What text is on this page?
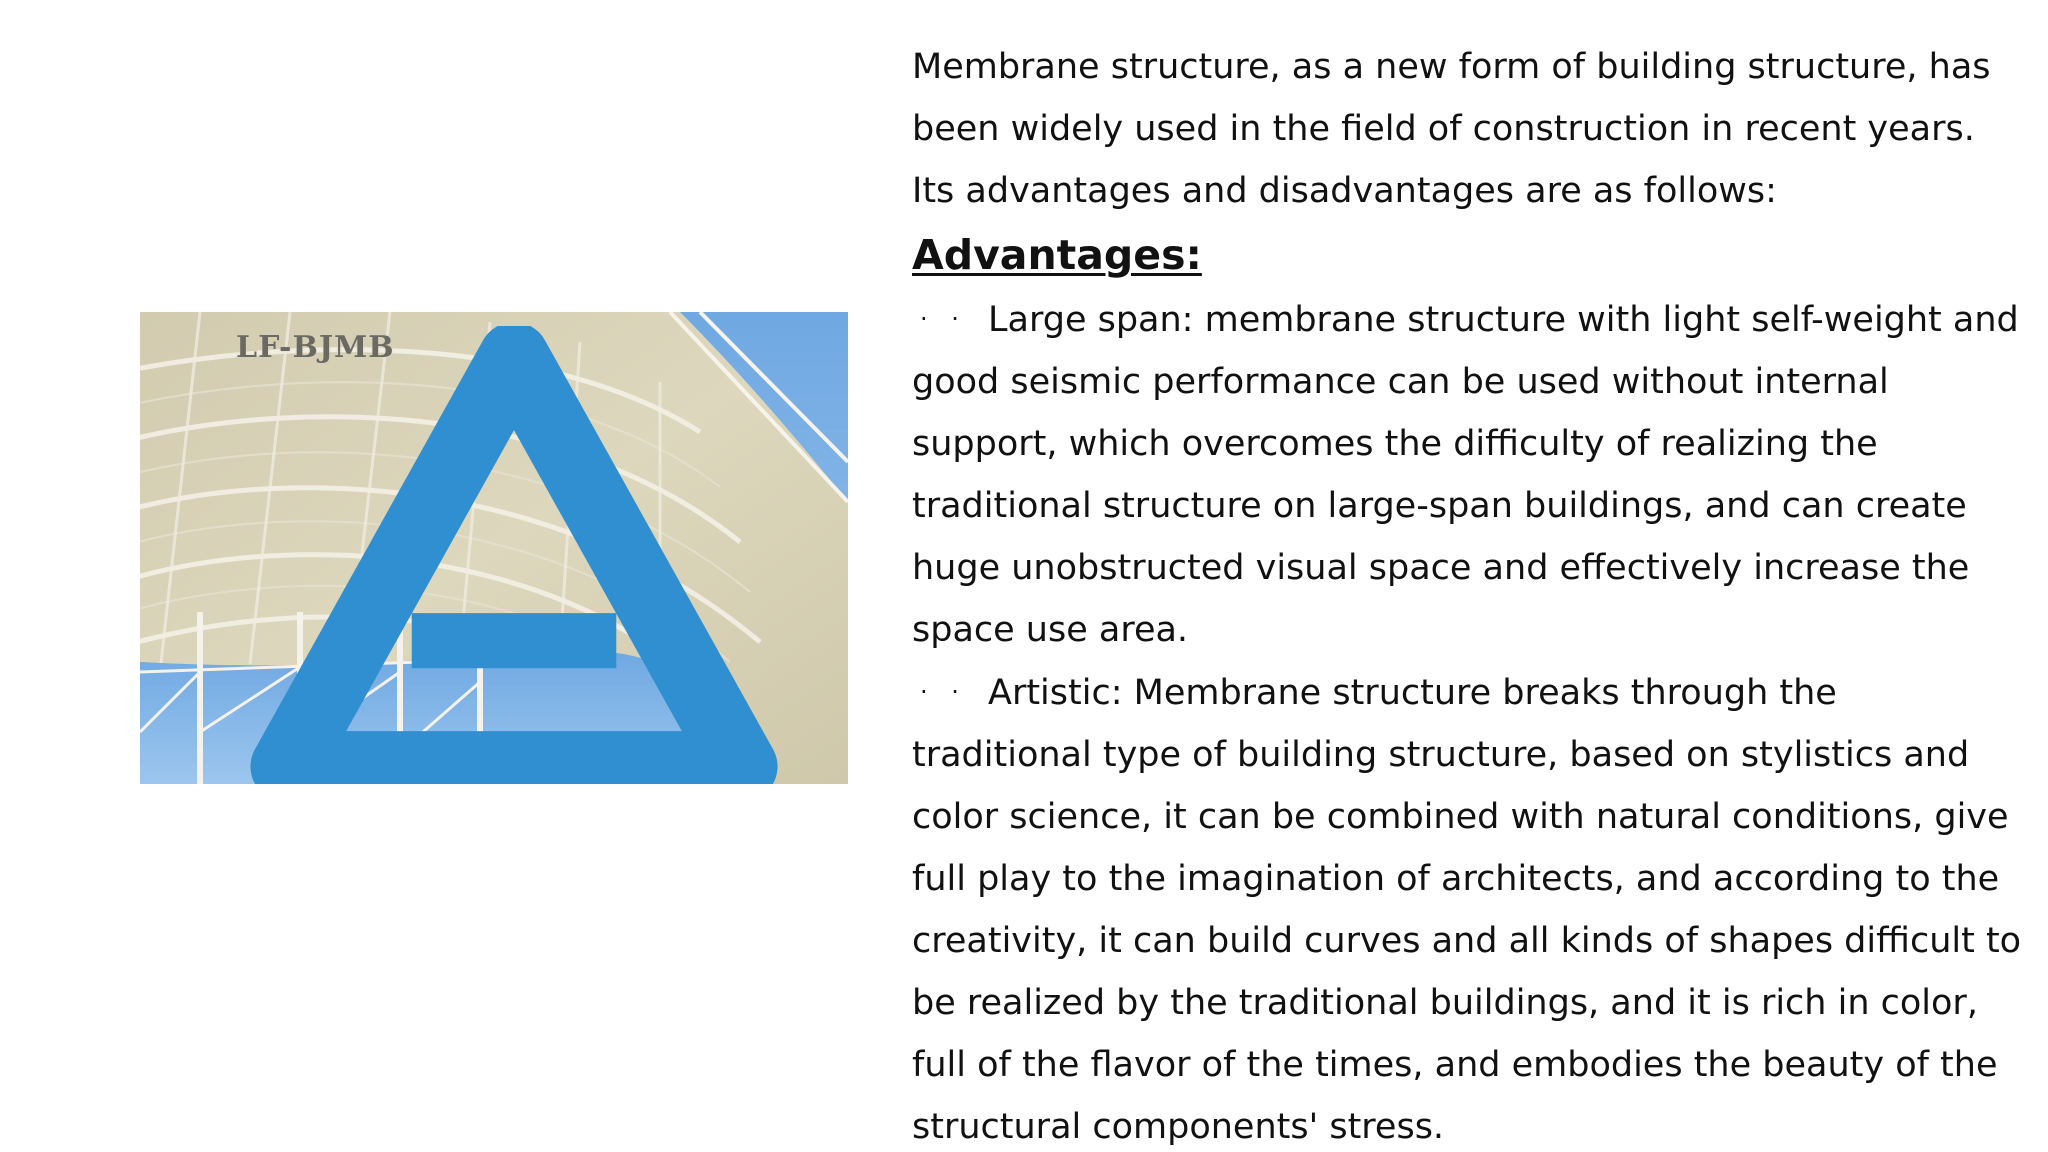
LF-BJMB

Membrane structure, as a new form of building structure, has been widely used in the field of construction in recent years. Its advantages and disadvantages are as follows:

Advantages:

· · Large span: membrane structure with light self-weight and good seismic performance can be used without internal support, which overcomes the difficulty of realizing the traditional structure on large-span buildings, and can create huge unobstructed visual space and effectively increase the space use area.

· · Artistic: Membrane structure breaks through the traditional type of building structure, based on stylistics and color science, it can be combined with natural conditions, give full play to the imagination of architects, and according to the creativity, it can build curves and all kinds of shapes difficult to be realized by the traditional buildings, and it is rich in color, full of the flavor of the times, and embodies the beauty of the structural components' stress.
